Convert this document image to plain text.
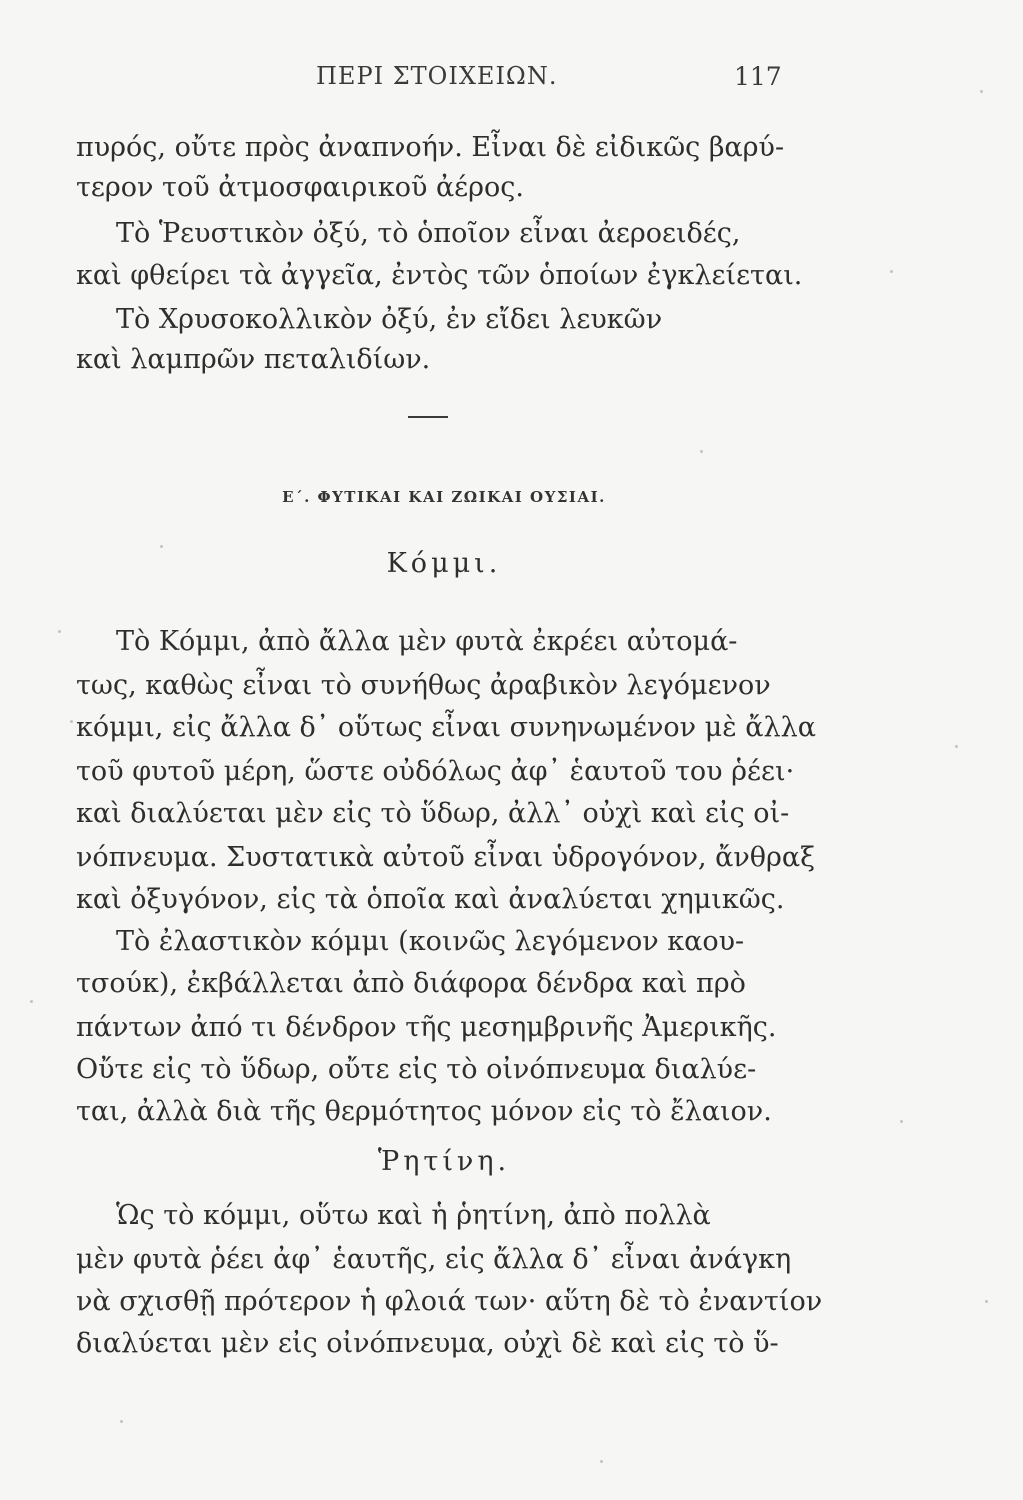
ΠΕΡΙ ΣΤΟΙΧΕΙΩΝ.	117
πυρός, οὔτε πρὸς ἀναπνοήν. Εἶναι δὲ εἰδικῶς βαρύ-
τερον τοῦ ἀτμοσφαιρικοῦ ἀέρος.
Τὸ Ῥευστικὸν ὀξύ, τὸ ὁποῖον εἶναι ἀεροειδές,
καὶ φθείρει τὰ ἀγγεῖα, ἐντὸς τῶν ὁποίων ἐγκλείεται.
Τὸ Χρυσοκολλικὸν ὀξύ, ἐν εἴδει λευκῶν
καὶ λαμπρῶν πεταλιδίων.
Ε΄. ΦΥΤΙΚΑΙ ΚΑΙ ΖΩΙΚΑΙ ΟΥΣΙΑΙ.
Κόμμι.
Τὸ Κόμμι, ἀπὸ ἄλλα μὲν φυτὰ ἐκρέει αὐτομά-
τως, καθὼς εἶναι τὸ συνήθως ἀραβικὸν λεγόμενον
κόμμι, εἰς ἄλλα δ᾽ οὕτως εἶναι συνηνωμένον μὲ ἄλλα
τοῦ φυτοῦ μέρη, ὥστε οὐδόλως ἀφ᾽ ἑαυτοῦ του ῥέει·
καὶ διαλύεται μὲν εἰς τὸ ὕδωρ, ἀλλ᾽ οὐχὶ καὶ εἰς οἰ-
νόπνευμα. Συστατικὰ αὐτοῦ εἶναι ὑδρογόνον, ἄνθραξ
καὶ ὀξυγόνον, εἰς τὰ ὁποῖα καὶ ἀναλύεται χημικῶς.
Τὸ ἐλαστικὸν κόμμι (κοινῶς λεγόμενον καου-
τσούκ), ἐκβάλλεται ἀπὸ διάφορα δένδρα καὶ πρὸ
πάντων ἀπό τι δένδρον τῆς μεσημβρινῆς Ἀμερικῆς.
Οὔτε εἰς τὸ ὕδωρ, οὔτε εἰς τὸ οἰνόπνευμα διαλύε-
ται, ἀλλὰ διὰ τῆς θερμότητος μόνον εἰς τὸ ἔλαιον.
Ῥητίνη.
Ὡς τὸ κόμμι, οὕτω καὶ ἡ ῥητίνη, ἀπὸ πολλὰ
μὲν φυτὰ ῥέει ἀφ᾽ ἑαυτῆς, εἰς ἄλλα δ᾽ εἶναι ἀνάγκη
νὰ σχισθῇ πρότερον ἡ φλοιά των· αὕτη δὲ τὸ ἐναντίον
διαλύεται μὲν εἰς οἰνόπνευμα, οὐχὶ δὲ καὶ εἰς τὸ ὕ-
